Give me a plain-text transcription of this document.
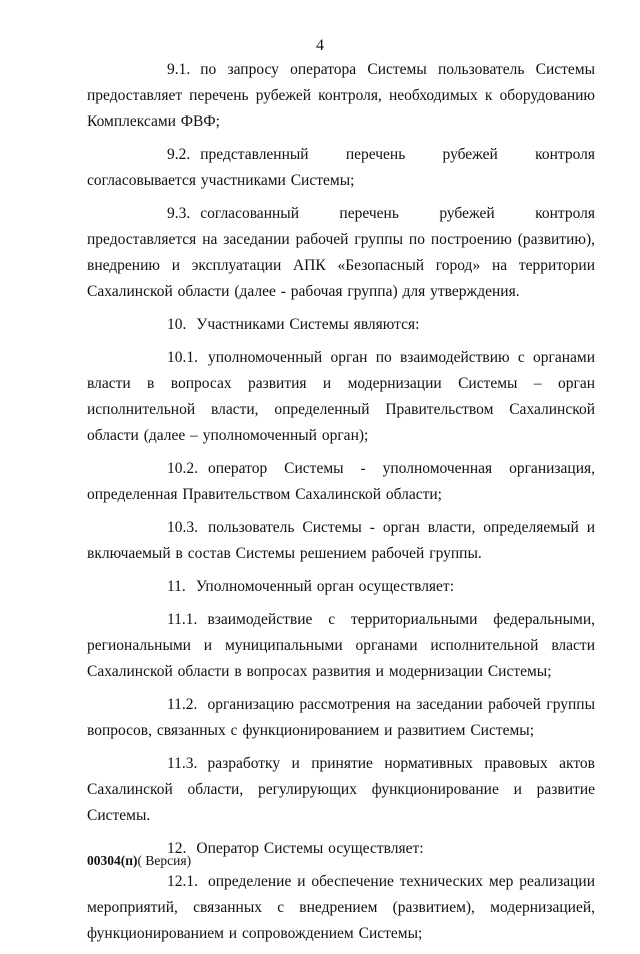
4

9.1. по запросу оператора Системы пользователь Системы предоставляет перечень рубежей контроля, необходимых к оборудованию Комплексами ФВФ;

9.2. представленный перечень рубежей контроля согласовывается участниками Системы;

9.3. согласованный перечень рубежей контроля предоставляется на заседании рабочей группы по построению (развитию), внедрению и эксплуатации АПК «Безопасный город» на территории Сахалинской области (далее - рабочая группа) для утверждения.

10. Участниками Системы являются:

10.1. уполномоченный орган по взаимодействию с органами власти в вопросах развития и модернизации Системы – орган исполнительной власти, определенный Правительством Сахалинской области (далее – уполномоченный орган);

10.2. оператор Системы - уполномоченная организация, определенная Правительством Сахалинской области;

10.3. пользователь Системы - орган власти, определяемый и включаемый в состав Системы решением рабочей группы.

11. Уполномоченный орган осуществляет:

11.1. взаимодействие с территориальными федеральными, региональными и муниципальными органами исполнительной власти Сахалинской области в вопросах развития и модернизации Системы;

11.2. организацию рассмотрения на заседании рабочей группы вопросов, связанных с функционированием и развитием Системы;

11.3. разработку и принятие нормативных правовых актов Сахалинской области, регулирующих функционирование и развитие Системы.

12. Оператор Системы осуществляет:

12.1. определение и обеспечение технических мер реализации мероприятий, связанных с внедрением (развитием), модернизацией, функционированием и сопровождением Системы;

00304(п)( Версия)
